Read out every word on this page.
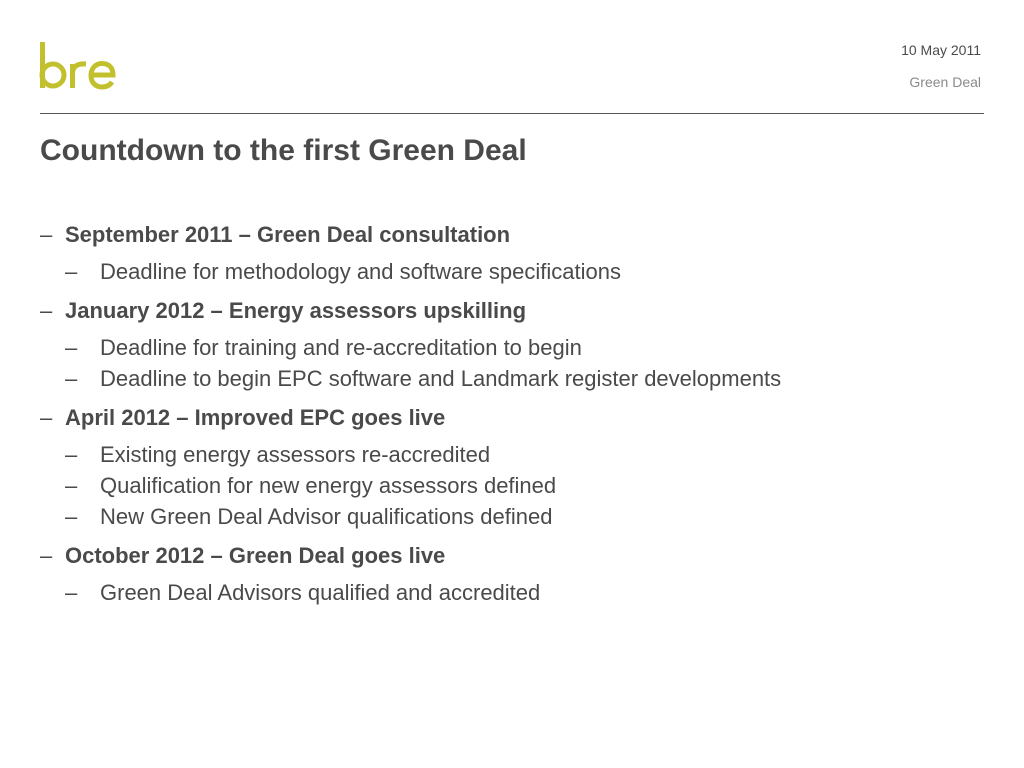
10 May 2011
Green Deal
Countdown to the first Green Deal
– September 2011 – Green Deal consultation
–	Deadline for methodology and software specifications
– January 2012 – Energy assessors upskilling
–	Deadline for training and re-accreditation to begin
–	Deadline to begin EPC software and Landmark register developments
– April 2012 – Improved EPC goes live
–	Existing energy assessors re-accredited
–	Qualification for new energy assessors defined
–	New Green Deal Advisor qualifications defined
– October 2012 – Green Deal goes live
–	Green Deal Advisors qualified and accredited
